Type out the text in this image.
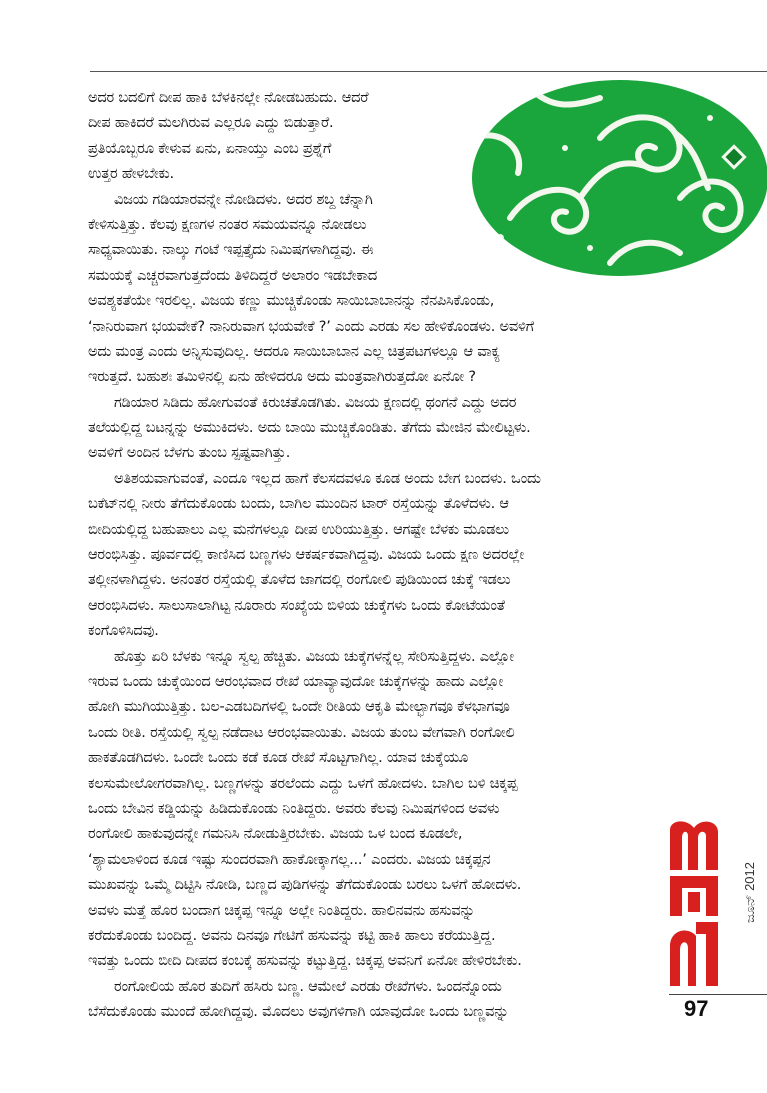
ಅದರ ಬದಲಿಗೆ ದೀಪ ಹಾಕಿ ಬೆಳಕಿನಲ್ಲೇ ನೋಡಬಹುದು. ಆದರೆ
ದೀಪ ಹಾಕಿದರೆ ಮಲಗಿರುವ ಎಲ್ಲರೂ ಎದ್ದು ಬಿಡುತ್ತಾರೆ.
ಪ್ರತಿಯೊಬ್ಬರೂ ಕೇಳುವ ಏನು, ಏನಾಯ್ತು ಎಂಬ ಪ್ರಶ್ನೆಗೆ
ಉತ್ತರ ಹೇಳಬೇಕು.
ವಿಜಯ ಗಡಿಯಾರವನ್ನೇ ನೋಡಿದಳು. ಅದರ ಶಬ್ದ ಚೆನ್ನಾಗಿ
ಕೇಳಿಸುತ್ತಿತ್ತು. ಕೆಲವು ಕ್ಷಣಗಳ ನಂತರ ಸಮಯವನ್ನೂ ನೋಡಲು
ಸಾಧ್ಯವಾಯಿತು. ನಾಲ್ಕು ಗಂಟೆ ಇಪ್ಪತ್ತೈದು ನಿಮಿಷಗಳಾಗಿದ್ದವು. ಈ
ಸಮಯಕ್ಕೆ ಎಚ್ಚರವಾಗುತ್ತದೆಂದು ತಿಳಿದಿದ್ದರೆ ಅಲಾರಂ ಇಡಬೇಕಾದ
ಅವಶ್ಯಕತೆಯೇ ಇರಲಿಲ್ಲ. ವಿಜಯ ಕಣ್ಣು ಮುಚ್ಚಿಕೊಂಡು ಸಾಯಿಬಾಬಾನನ್ನು ನೆನಪಿಸಿಕೊಂಡು,
‘ನಾನಿರುವಾಗ ಭಯವೇಕೆ? ನಾನಿರುವಾಗ ಭಯವೇಕೆ ?’ ಎಂದು ಎರಡು ಸಲ ಹೇಳಿಕೊಂಡಳು. ಅವಳಿಗೆ
ಅದು ಮಂತ್ರ ಎಂದು ಅನ್ನಿಸುವುದಿಲ್ಲ. ಆದರೂ ಸಾಯಿಬಾಬಾನ ಎಲ್ಲ ಚಿತ್ರಪಟಗಳಲ್ಲೂ ಆ ವಾಕ್ಯ
ಇರುತ್ತದೆ. ಬಹುಶಃ ತಮಿಳಿನಲ್ಲಿ ಏನು ಹೇಳಿದರೂ ಅದು ಮಂತ್ರವಾಗಿರುತ್ತದೋ ಏನೋ ?
ಗಡಿಯಾರ ಸಿಡಿದು ಹೋಗುವಂತೆ ಕಿರುಚತೊಡಗಿತು. ವಿಜಯ ಕ್ಷಣದಲ್ಲಿ ಥಂಗನೆ ಎದ್ದು ಅದರ
ತಲೆಯಲ್ಲಿದ್ದ ಬಟನ್ನನ್ನು ಅಮುಕಿದಳು. ಅದು ಬಾಯಿ ಮುಚ್ಚಿಕೊಂಡಿತು. ತೆಗೆದು ಮೇಜಿನ ಮೇಲಿಟ್ಟಳು.
ಅವಳಿಗೆ ಅಂದಿನ ಬೆಳಗು ತುಂಬ ಸ್ಪಷ್ಟವಾಗಿತ್ತು.
ಅತಿಶಯವಾಗುವಂತೆ, ಎಂದೂ ಇಲ್ಲದ ಹಾಗೆ ಕೆಲಸದವಳೂ ಕೂಡ ಅಂದು ಬೇಗ ಬಂದಳು. ಒಂದು
ಬಕೆಟ್‌ನಲ್ಲಿ ನೀರು ತೆಗೆದುಕೊಂಡು ಬಂದು, ಬಾಗಿಲ ಮುಂದಿನ ಟಾರ್ ರಸ್ತೆಯನ್ನು ತೊಳೆದಳು. ಆ
ಬೀದಿಯಲ್ಲಿದ್ದ ಬಹುಪಾಲು ಎಲ್ಲ ಮನೆಗಳಲ್ಲೂ ದೀಪ ಉರಿಯುತ್ತಿತ್ತು. ಆಗಷ್ಟೇ ಬೆಳಕು ಮೂಡಲು
ಆರಂಭಿಸಿತ್ತು. ಪೂರ್ವದಲ್ಲಿ ಕಾಣಿಸಿದ ಬಣ್ಣಗಳು ಆಕರ್ಷಕವಾಗಿದ್ದವು. ವಿಜಯ ಒಂದು ಕ್ಷಣ ಅದರಲ್ಲೇ
ತಲ್ಲೀನಳಾಗಿದ್ದಳು. ಅನಂತರ ರಸ್ತೆಯಲ್ಲಿ ತೊಳೆದ ಜಾಗದಲ್ಲಿ ರಂಗೋಲಿ ಪುಡಿಯಿಂದ ಚುಕ್ಕೆ ಇಡಲು
ಆರಂಭಿಸಿದಳು. ಸಾಲುಸಾಲಾಗಿಟ್ಟ ನೂರಾರು ಸಂಖ್ಯೆಯ ಬಿಳಿಯ ಚುಕ್ಕೆಗಳು ಒಂದು ಕೋಟೆಯಂತೆ
ಕಂಗೊಳಿಸಿದವು.
ಹೊತ್ತು ಏರಿ ಬೆಳಕು ಇನ್ನೂ ಸ್ವಲ್ಪ ಹೆಚ್ಚಿತು. ವಿಜಯ ಚುಕ್ಕೆಗಳನ್ನೆಲ್ಲ ಸೇರಿಸುತ್ತಿದ್ದಳು. ಎಲ್ಲೋ
ಇರುವ ಒಂದು ಚುಕ್ಕೆಯಿಂದ ಆರಂಭವಾದ ರೇಖೆ ಯಾವ್ಯಾವುದೋ ಚುಕ್ಕೆಗಳನ್ನು ಹಾದು ಎಲ್ಲೋ
ಹೋಗಿ ಮುಗಿಯುತ್ತಿತ್ತು. ಬಲ-ಎಡಬದಿಗಳಲ್ಲಿ ಒಂದೇ ರೀತಿಯ ಆಕೃತಿ ಮೇಲ್ಭಾಗವೂ ಕೆಳಭಾಗವೂ
ಒಂದು ರೀತಿ. ರಸ್ತೆಯಲ್ಲಿ ಸ್ವಲ್ಪ ನಡೆದಾಟ ಆರಂಭವಾಯಿತು. ವಿಜಯ ತುಂಬ ವೇಗವಾಗಿ ರಂಗೋಲಿ
ಹಾಕತೊಡಗಿದಳು. ಒಂದೇ ಒಂದು ಕಡೆ ಕೂಡ ರೇಖೆ ಸೊಟ್ಟಗಾಗಿಲ್ಲ. ಯಾವ ಚುಕ್ಕೆಯೂ
ಕಲಸುಮೇಲೋಗರವಾಗಿಲ್ಲ. ಬಣ್ಣಗಳನ್ನು ತರಲೆಂದು ಎದ್ದು ಒಳಗೆ ಹೋದಳು. ಬಾಗಿಲ ಬಳಿ ಚಿಕ್ಕಪ್ಪ
ಒಂದು ಬೇವಿನ ಕಡ್ಡಿಯನ್ನು ಹಿಡಿದುಕೊಂಡು ನಿಂತಿದ್ದರು. ಅವರು ಕೆಲವು ನಿಮಿಷಗಳಿಂದ ಅವಳು
ರಂಗೋಲಿ ಹಾಕುವುದನ್ನೇ ಗಮನಿಸಿ ನೋಡುತ್ತಿರಬೇಕು. ವಿಜಯ ಒಳ ಬಂದ ಕೂಡಲೇ,
‘ಶ್ಯಾಮಲಾಳಿಂದ ಕೂಡ ಇಷ್ಟು ಸುಂದರವಾಗಿ ಹಾಕೋಕ್ಕಾಗಲ್ಲ...’ ಎಂದರು. ವಿಜಯ ಚಿಕ್ಕಪ್ಪನ
ಮುಖವನ್ನು ಒಮ್ಮೆ ದಿಟ್ಟಿಸಿ ನೋಡಿ, ಬಣ್ಣದ ಪುಡಿಗಳನ್ನು ತೆಗೆದುಕೊಂಡು ಬರಲು ಒಳಗೆ ಹೋದಳು.
ಅವಳು ಮತ್ತೆ ಹೊರ ಬಂದಾಗ ಚಿಕ್ಕಪ್ಪ ಇನ್ನೂ ಅಲ್ಲೇ ನಿಂತಿದ್ದರು. ಹಾಲಿನವನು ಹಸುವನ್ನು
ಕರೆದುಕೊಂಡು ಬಂದಿದ್ದ. ಅವನು ದಿನವೂ ಗೇಟಿಗೆ ಹಸುವನ್ನು ಕಟ್ಟಿ ಹಾಕಿ ಹಾಲು ಕರೆಯುತ್ತಿದ್ದ.
ಇವತ್ತು ಒಂದು ಬೀದಿ ದೀಪದ ಕಂಬಕ್ಕೆ ಹಸುವನ್ನು ಕಟ್ಟುತ್ತಿದ್ದ. ಚಿಕ್ಕಪ್ಪ ಅವನಿಗೆ ಏನೋ ಹೇಳಿರಬೇಕು.
ರಂಗೋಲಿಯ ಹೊರ ತುದಿಗೆ ಹಸಿರು ಬಣ್ಣ. ಆಮೇಲೆ ಎರಡು ರೇಖೆಗಳು. ಒಂದನ್ನೊಂದು
ಬೆಸೆದುಕೊಂಡು ಮುಂದೆ ಹೋಗಿದ್ದವು. ಮೊದಲು ಅವುಗಳಿಗಾಗಿ ಯಾವುದೋ ಒಂದು ಬಣ್ಣವನ್ನು
ಜೂನ್ 2012
97
